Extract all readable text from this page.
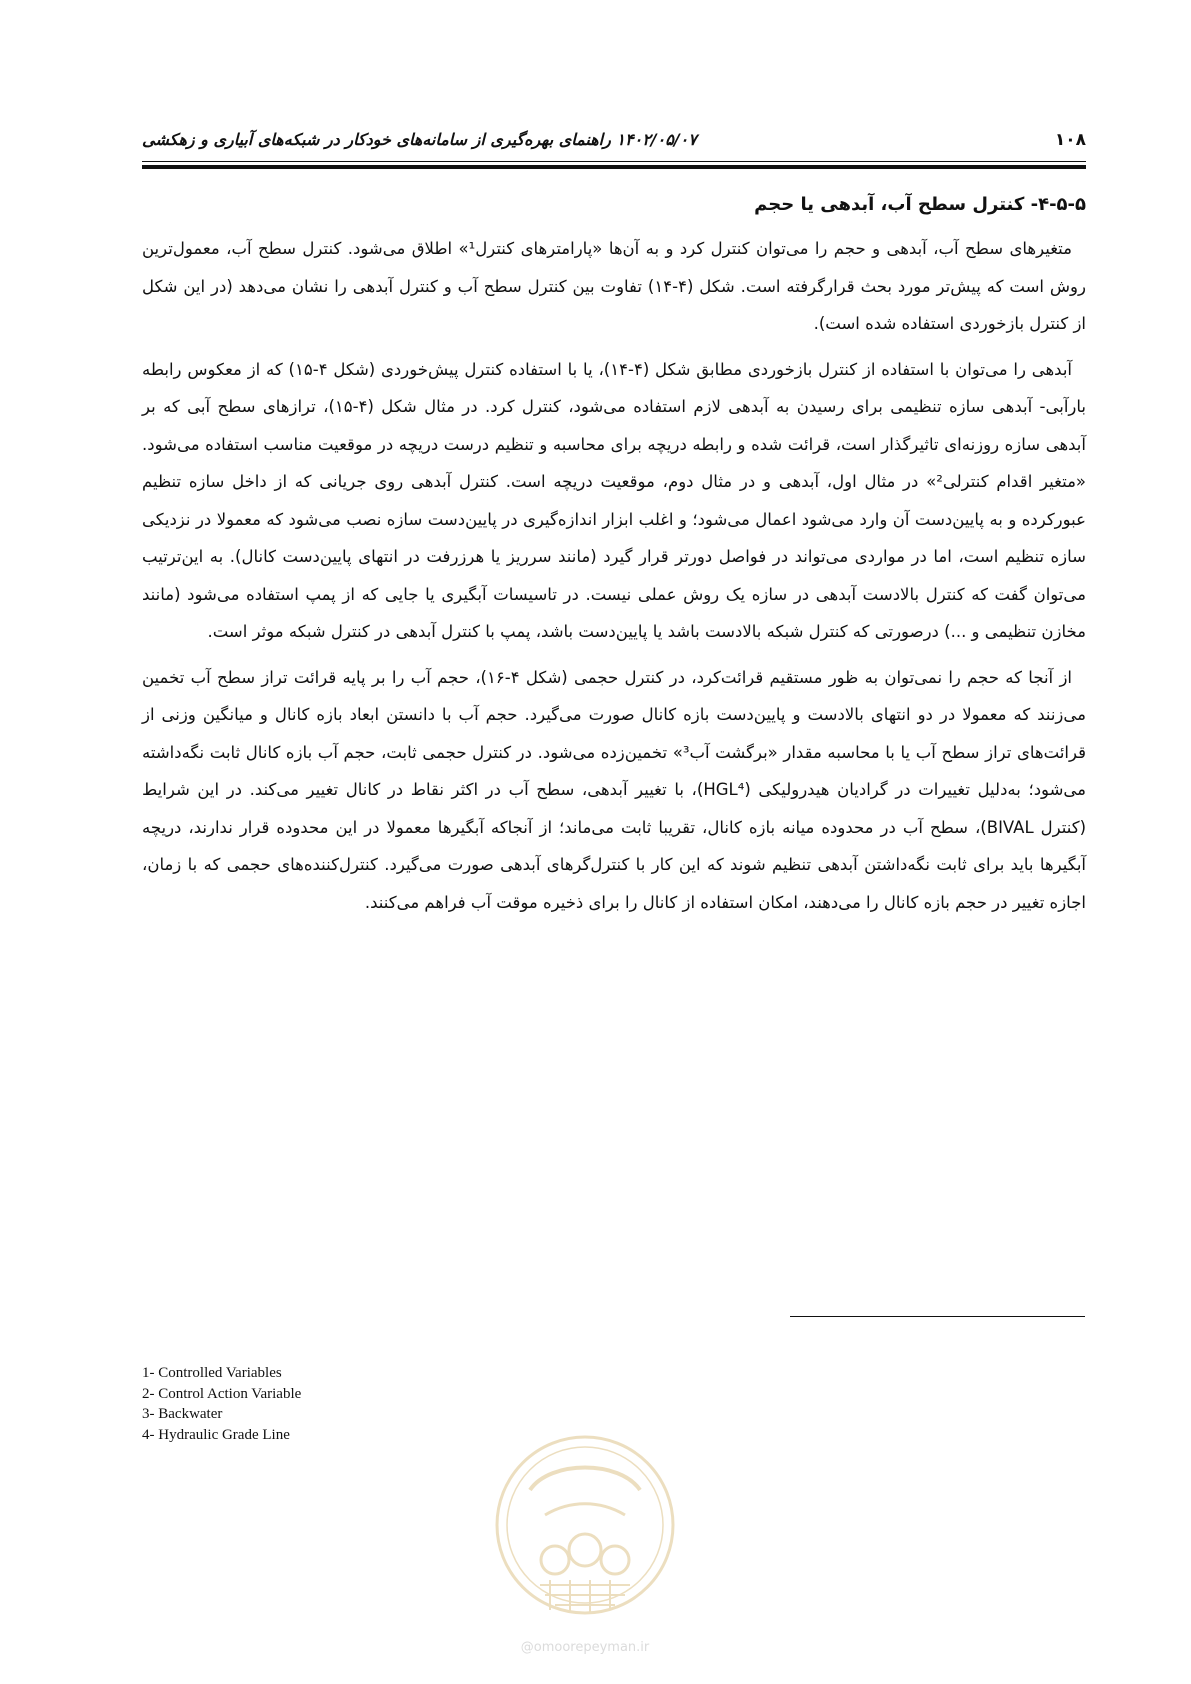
۱۰۸
۱۴۰۲/۰۵/۰۷ راهنمای بهره‌گیری از سامانه‌های خودکار در شبکه‌های آبیاری و زهکشی
۴-۵-۵- کنترل سطح آب، آبدهی یا حجم

متغیرهای سطح آب، آبدهی و حجم را می‌توان کنترل کرد و به آن‌ها «پارامترهای کنترل¹» اطلاق می‌شود. کنترل سطح آب، معمول‌ترین روش است که پیش‌تر مورد بحث قرارگرفته است. شکل (۴-۱۴) تفاوت بین کنترل سطح آب و کنترل آبدهی را نشان می‌دهد (در این شکل از کنترل بازخوردی استفاده شده است).

آبدهی را می‌توان با استفاده از کنترل بازخوردی مطابق شکل (۴-۱۴)، یا با استفاده کنترل پیش‌خوردی (شکل ۴-۱۵) که از معکوس رابطه بارآبی- آبدهی سازه تنظیمی برای رسیدن به آبدهی لازم استفاده می‌شود، کنترل کرد. در مثال شکل (۴-۱۵)، ترازهای سطح آبی که بر آبدهی سازه روزنه‌ای تاثیرگذار است، قرائت شده و رابطه دریچه برای محاسبه و تنظیم درست دریچه در موقعیت مناسب استفاده می‌شود. «متغیر اقدام کنترلی²» در مثال اول، آبدهی و در مثال دوم، موقعیت دریچه است. کنترل آبدهی روی جریانی که از داخل سازه تنظیم عبورکرده و به پایین‌دست آن وارد می‌شود اعمال می‌شود؛ و اغلب ابزار اندازه‌گیری در پایین‌دست سازه نصب می‌شود که معمولا در نزدیکی سازه تنظیم است، اما در مواردی می‌تواند در فواصل دورتر قرار گیرد (مانند سرریز یا هرزرفت در انتهای پایین‌دست کانال). به این‌ترتیب می‌توان گفت که کنترل بالادست آبدهی در سازه یک روش عملی نیست. در تاسیسات آبگیری یا جایی که از پمپ استفاده می‌شود (مانند مخازن تنظیمی و ...) درصورتی که کنترل شبکه بالادست باشد یا پایین‌دست باشد، پمپ با کنترل آبدهی در کنترل شبکه موثر است.

از آنجا که حجم را نمی‌توان به ظور مستقیم قرائت‌کرد، در کنترل حجمی (شکل ۴-۱۶)، حجم آب را بر پایه قرائت تراز سطح آب تخمین می‌زنند که معمولا در دو انتهای بالادست و پایین‌دست بازه کانال صورت می‌گیرد. حجم آب با دانستن ابعاد بازه کانال و میانگین وزنی از قرائت‌های تراز سطح آب یا با محاسبه مقدار «برگشت آب³» تخمین‌زده می‌شود. در کنترل حجمی ثابت، حجم آب بازه کانال ثابت نگه‌داشته می‌شود؛ به‌دلیل تغییرات در گرادیان هیدرولیکی (HGL⁴)، با تغییر آبدهی، سطح آب در اکثر نقاط در کانال تغییر می‌کند. در این شرایط (کنترل BIVAL)، سطح آب در محدوده میانه بازه کانال، تقریبا ثابت می‌ماند؛ از آنجاکه آبگیرها معمولا در این محدوده قرار ندارند، دریچه آبگیرها باید برای ثابت نگه‌داشتن آبدهی تنظیم شوند که این کار با کنترل‌گرهای آبدهی صورت می‌گیرد. کنترل‌کننده‌های حجمی که با زمان، اجازه تغییر در حجم بازه کانال را می‌دهند، امکان استفاده از کانال را برای ذخیره موقت آب فراهم می‌کنند.

1- Controlled Variables
2- Control Action Variable
3- Backwater
4- Hydraulic Grade Line
@omoorepeyman.ir
